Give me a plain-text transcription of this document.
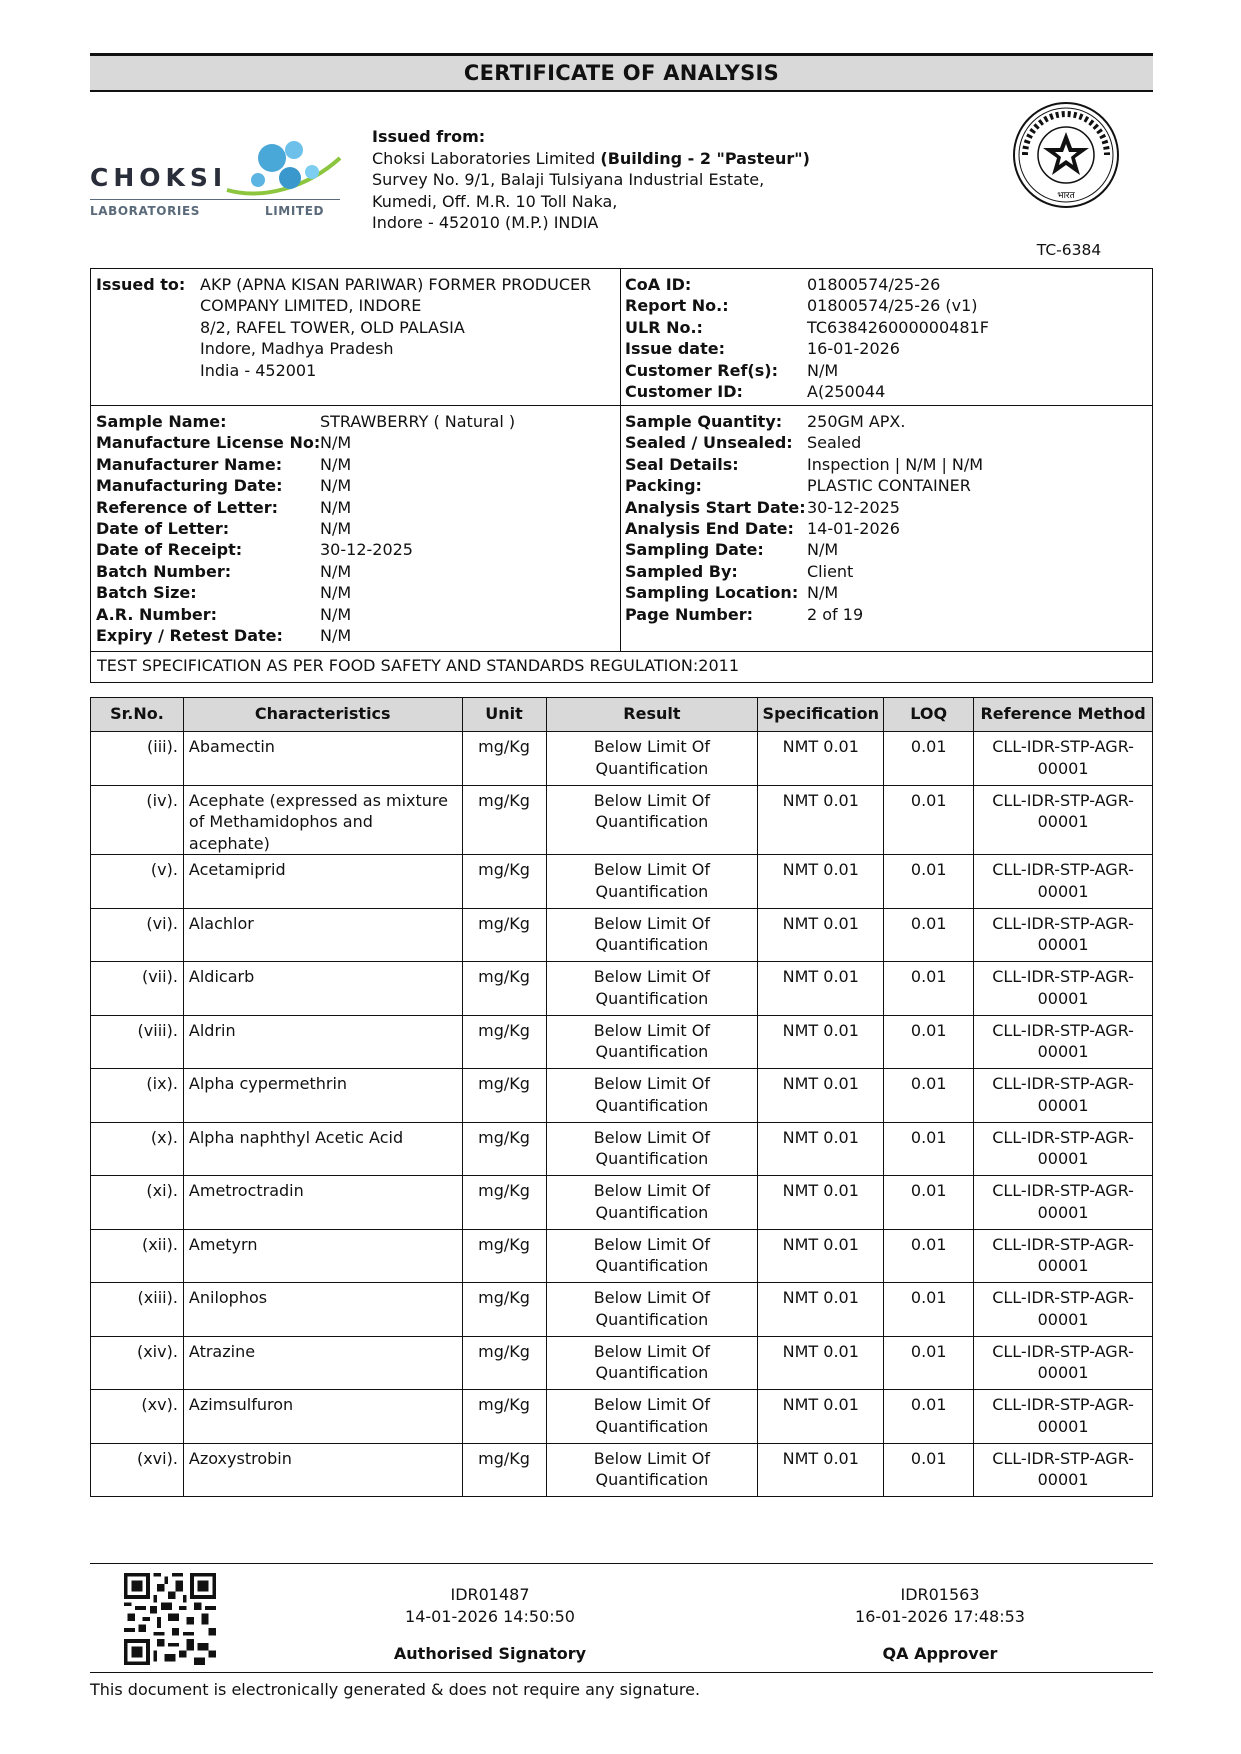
CERTIFICATE OF ANALYSIS
CHOKSI
LABORATORIES	LIMITED
Issued from:
Choksi Laboratories Limited (Building - 2 "Pasteur")
Survey No. 9/1, Balaji Tulsiyana Industrial Estate,
Kumedi, Off. M.R. 10 Toll Naka,
Indore - 452010 (M.P.) INDIA
भारत
TC-6384
Issued to: AKP (APNA KISAN PARIWAR) FORMER PRODUCER
COMPANY LIMITED, INDORE
8/2, RAFEL TOWER, OLD PALASIA
Indore, Madhya Pradesh
India - 452001
CoA ID:	01800574/25-26
Report No.:	01800574/25-26 (v1)
ULR No.:	TC638426000000481F
Issue date:	16-01-2026
Customer Ref(s):	N/M
Customer ID:	A(250044
Sample Name:	STRAWBERRY ( Natural )
Manufacture License No: N/M
Manufacturer Name:	N/M
Manufacturing Date:	N/M
Reference of Letter:	N/M
Date of Letter:	N/M
Date of Receipt:	30-12-2025
Batch Number:	N/M
Batch Size:	N/M
A.R. Number:	N/M
Expiry / Retest Date:	N/M
Sample Quantity:	250GM APX.
Sealed / Unsealed: Sealed
Seal Details:	Inspection | N/M | N/M
Packing:	PLASTIC CONTAINER
Analysis Start Date: 30-12-2025
Analysis End Date: 14-01-2026
Sampling Date:	N/M
Sampled By:	Client
Sampling Location: N/M
Page Number:	2 of 19
TEST SPECIFICATION AS PER FOOD SAFETY AND STANDARDS REGULATION:2011
Sr.No.	Characteristics	Unit	Result	Specification	LOQ	Reference Method
(iii).	Abamectin	mg/Kg	Below Limit Of Quantification	NMT 0.01	0.01	CLL-IDR-STP-AGR-00001
(iv).	Acephate (expressed as mixture of Methamidophos and acephate)	mg/Kg	Below Limit Of Quantification	NMT 0.01	0.01	CLL-IDR-STP-AGR-00001
(v).	Acetamiprid	mg/Kg	Below Limit Of Quantification	NMT 0.01	0.01	CLL-IDR-STP-AGR-00001
(vi).	Alachlor	mg/Kg	Below Limit Of Quantification	NMT 0.01	0.01	CLL-IDR-STP-AGR-00001
(vii).	Aldicarb	mg/Kg	Below Limit Of Quantification	NMT 0.01	0.01	CLL-IDR-STP-AGR-00001
(viii).	Aldrin	mg/Kg	Below Limit Of Quantification	NMT 0.01	0.01	CLL-IDR-STP-AGR-00001
(ix).	Alpha cypermethrin	mg/Kg	Below Limit Of Quantification	NMT 0.01	0.01	CLL-IDR-STP-AGR-00001
(x).	Alpha naphthyl Acetic Acid	mg/Kg	Below Limit Of Quantification	NMT 0.01	0.01	CLL-IDR-STP-AGR-00001
(xi).	Ametroctradin	mg/Kg	Below Limit Of Quantification	NMT 0.01	0.01	CLL-IDR-STP-AGR-00001
(xii).	Ametyrn	mg/Kg	Below Limit Of Quantification	NMT 0.01	0.01	CLL-IDR-STP-AGR-00001
(xiii).	Anilophos	mg/Kg	Below Limit Of Quantification	NMT 0.01	0.01	CLL-IDR-STP-AGR-00001
(xiv).	Atrazine	mg/Kg	Below Limit Of Quantification	NMT 0.01	0.01	CLL-IDR-STP-AGR-00001
(xv).	Azimsulfuron	mg/Kg	Below Limit Of Quantification	NMT 0.01	0.01	CLL-IDR-STP-AGR-00001
(xvi).	Azoxystrobin	mg/Kg	Below Limit Of Quantification	NMT 0.01	0.01	CLL-IDR-STP-AGR-00001
IDR01487
14-01-2026 14:50:50
Authorised Signatory
IDR01563
16-01-2026 17:48:53
QA Approver
This document is electronically generated & does not require any signature.
